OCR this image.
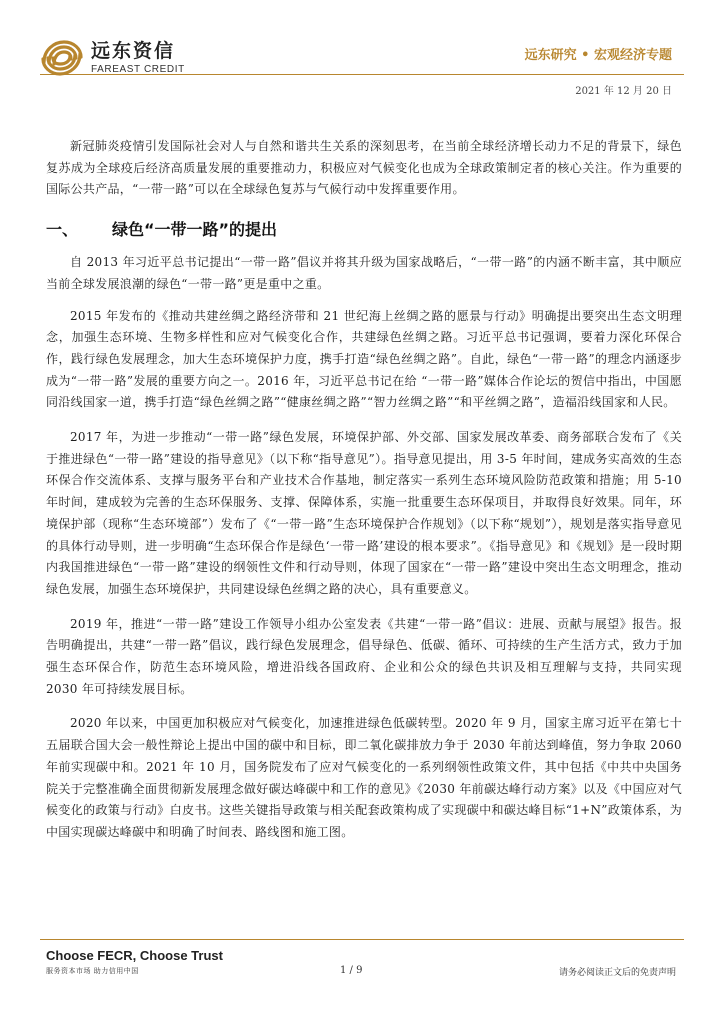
远东资信
FAREAST CREDIT
远东研究 • 宏观经济专题
2021 年 12 月 20 日

新冠肺炎疫情引发国际社会对人与自然和谐共生关系的深刻思考，在当前全球经济增长动力不足的背景下，绿色复苏成为全球疫后经济高质量发展的重要推动力，积极应对气候变化也成为全球政策制定者的核心关注。作为重要的国际公共产品，“一带一路”可以在全球绿色复苏与气候行动中发挥重要作用。

一、	绿色“一带一路”的提出

自 2013 年习近平总书记提出“一带一路”倡议并将其升级为国家战略后，“一带一路”的内涵不断丰富，其中顺应当前全球发展浪潮的绿色“一带一路”更是重中之重。

2015 年发布的《推动共建丝绸之路经济带和 21 世纪海上丝绸之路的愿景与行动》明确提出要突出生态文明理念，加强生态环境、生物多样性和应对气候变化合作，共建绿色丝绸之路。习近平总书记强调，要着力深化环保合作，践行绿色发展理念，加大生态环境保护力度，携手打造“绿色丝绸之路”。自此，绿色“一带一路”的理念内涵逐步成为“一带一路”发展的重要方向之一。2016 年，习近平总书记在给 “一带一路”媒体合作论坛的贺信中指出，中国愿同沿线国家一道，携手打造“绿色丝绸之路”“健康丝绸之路”“智力丝绸之路”“和平丝绸之路”，造福沿线国家和人民。

2017 年，为进一步推动“一带一路”绿色发展，环境保护部、外交部、国家发展改革委、商务部联合发布了《关于推进绿色“一带一路”建设的指导意见》（以下称“指导意见”）。指导意见提出，用 3-5 年时间，建成务实高效的生态环保合作交流体系、支撑与服务平台和产业技术合作基地，制定落实一系列生态环境风险防范政策和措施；用 5-10 年时间，建成较为完善的生态环保服务、支撑、保障体系，实施一批重要生态环保项目，并取得良好效果。同年，环境保护部（现称“生态环境部”）发布了《“一带一路”生态环境保护合作规划》（以下称“规划”），规划是落实指导意见的具体行动导则，进一步明确“生态环保合作是绿色‘一带一路’建设的根本要求”。《指导意见》和《规划》是一段时期内我国推进绿色“一带一路”建设的纲领性文件和行动导则，体现了国家在“一带一路”建设中突出生态文明理念，推动绿色发展，加强生态环境保护，共同建设绿色丝绸之路的决心，具有重要意义。

2019 年，推进“一带一路”建设工作领导小组办公室发表《共建“一带一路”倡议：进展、贡献与展望》报告。报告明确提出，共建“一带一路”倡议，践行绿色发展理念，倡导绿色、低碳、循环、可持续的生产生活方式，致力于加强生态环保合作，防范生态环境风险，增进沿线各国政府、企业和公众的绿色共识及相互理解与支持，共同实现 2030 年可持续发展目标。

2020 年以来，中国更加积极应对气候变化，加速推进绿色低碳转型。2020 年 9 月，国家主席习近平在第七十五届联合国大会一般性辩论上提出中国的碳中和目标，即二氧化碳排放力争于 2030 年前达到峰值，努力争取 2060 年前实现碳中和。2021 年 10 月，国务院发布了应对气候变化的一系列纲领性政策文件，其中包括《中共中央国务院关于完整准确全面贯彻新发展理念做好碳达峰碳中和工作的意见》《2030 年前碳达峰行动方案》以及《中国应对气候变化的政策与行动》白皮书。这些关键指导政策与相关配套政策构成了实现碳中和碳达峰目标“1+N”政策体系，为中国实现碳达峰碳中和明确了时间表、路线图和施工图。

Choose FECR, Choose Trust
服务资本市场 助力信用中国	1 / 9	请务必阅读正文后的免责声明
